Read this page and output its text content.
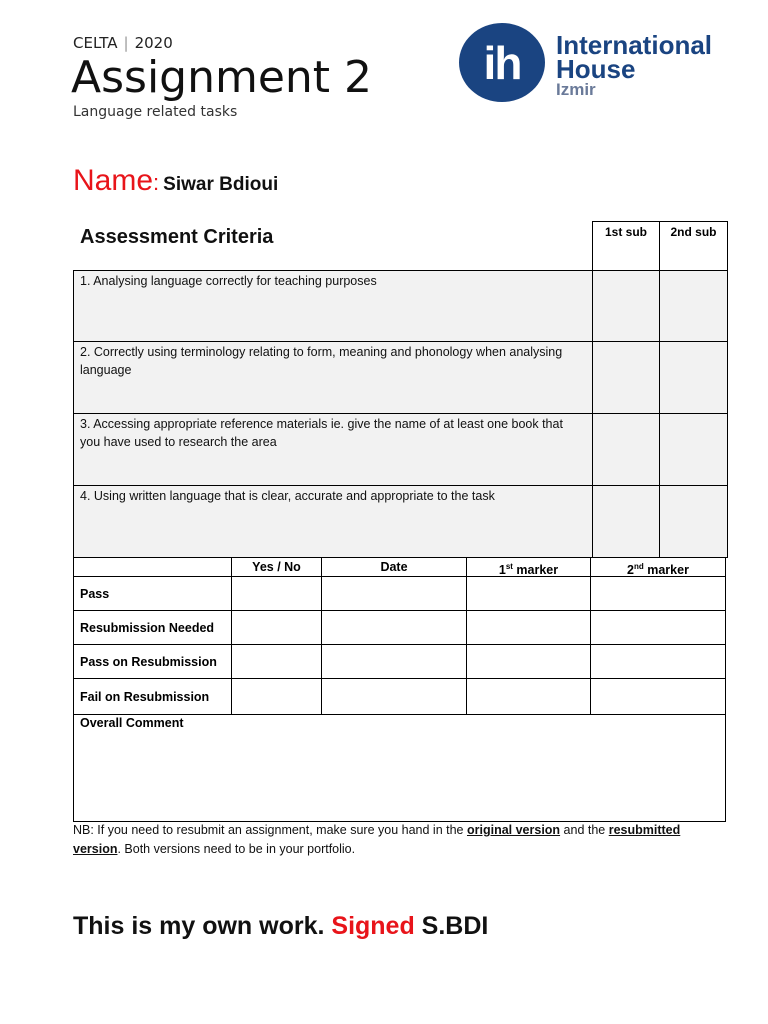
CELTA | 2020
Assignment 2
Language related tasks
ih	International
House
Izmir
Name: Siwar Bdioui
Assessment Criteria	1st sub	2nd sub
1. Analysing language correctly for teaching purposes
2. Correctly using terminology relating to form, meaning and phonology when analysing language
3. Accessing appropriate reference materials ie. give the name of at least one book that you have used to research the area
4. Using written language that is clear, accurate and appropriate to the task
Yes / No	Date	1st marker	2nd marker
Pass
Resubmission Needed
Pass on Resubmission
Fail on Resubmission
Overall Comment
NB: If you need to resubmit an assignment, make sure you hand in the original version and the resubmitted version. Both versions need to be in your portfolio.
This is my own work. Signed S.BDI
